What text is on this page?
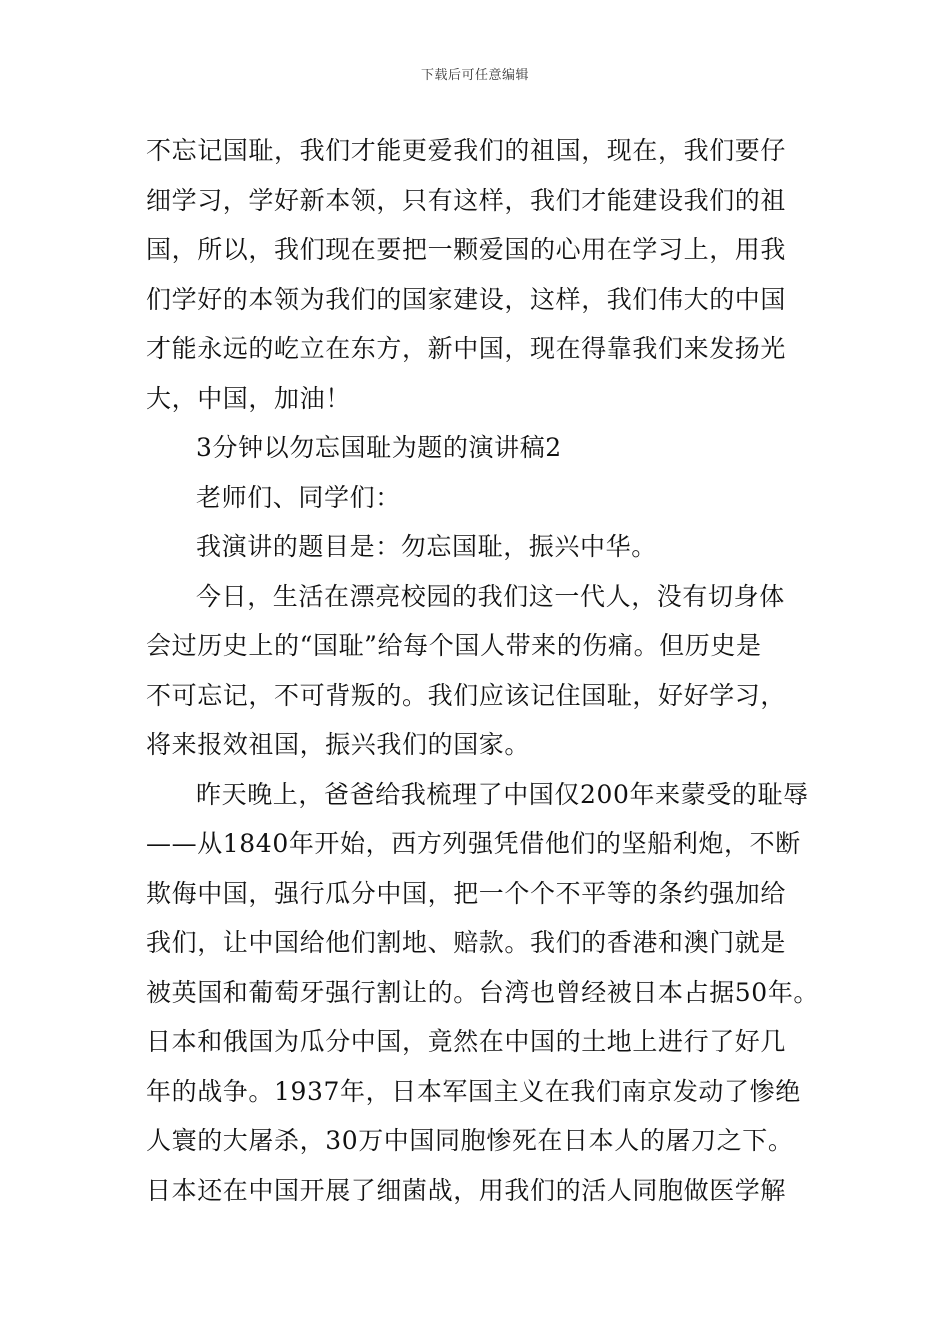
下载后可任意编辑
不忘记国耻，我们才能更爱我们的祖国，现在，我们要仔
细学习，学好新本领，只有这样，我们才能建设我们的祖
国，所以，我们现在要把一颗爱国的心用在学习上，用我
们学好的本领为我们的国家建设，这样，我们伟大的中国
才能永远的屹立在东方，新中国，现在得靠我们来发扬光
大，中国，加油！
3分钟以勿忘国耻为题的演讲稿2
老师们、同学们：
我演讲的题目是：勿忘国耻，振兴中华。
今日，生活在漂亮校园的我们这一代人，没有切身体
会过历史上的“国耻”给每个国人带来的伤痛。但历史是
不可忘记，不可背叛的。我们应该记住国耻，好好学习，
将来报效祖国，振兴我们的国家。
昨天晚上，爸爸给我梳理了中国仅200年来蒙受的耻辱
——从1840年开始，西方列强凭借他们的坚船利炮，不断
欺侮中国，强行瓜分中国，把一个个不平等的条约强加给
我们，让中国给他们割地、赔款。我们的香港和澳门就是
被英国和葡萄牙强行割让的。台湾也曾经被日本占据50年。
日本和俄国为瓜分中国，竟然在中国的土地上进行了好几
年的战争。1937年，日本军国主义在我们南京发动了惨绝
人寰的大屠杀，30万中国同胞惨死在日本人的屠刀之下。
日本还在中国开展了细菌战，用我们的活人同胞做医学解
